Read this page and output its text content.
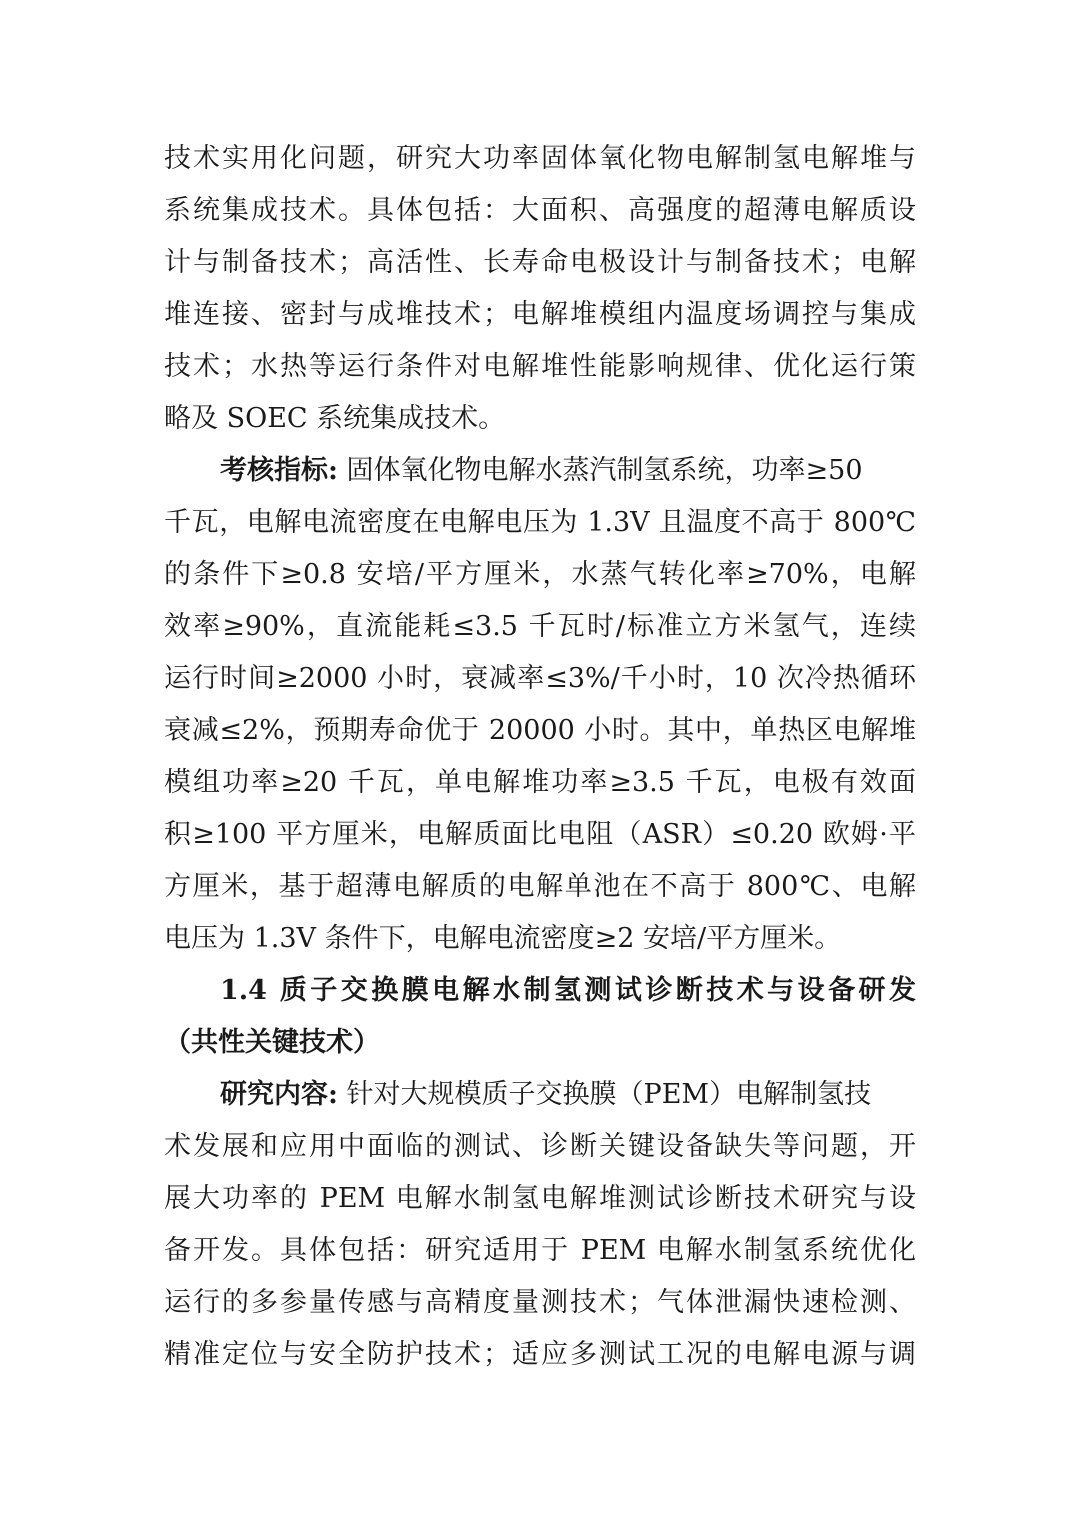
技术实用化问题，研究大功率固体氧化物电解制氢电解堆与
系统集成技术。具体包括：大面积、高强度的超薄电解质设
计与制备技术；高活性、长寿命电极设计与制备技术；电解
堆连接、密封与成堆技术；电解堆模组内温度场调控与集成
技术；水热等运行条件对电解堆性能影响规律、优化运行策
略及 SOEC 系统集成技术。
考核指标: 固体氧化物电解水蒸汽制氢系统，功率≥50
千瓦，电解电流密度在电解电压为 1.3V 且温度不高于 800℃
的条件下≥0.8 安培/平方厘米，水蒸气转化率≥70%，电解
效率≥90%，直流能耗≤3.5 千瓦时/标准立方米氢气，连续
运行时间≥2000 小时，衰减率≤3%/千小时，10 次冷热循环
衰减≤2%，预期寿命优于 20000 小时。其中，单热区电解堆
模组功率≥20 千瓦，单电解堆功率≥3.5 千瓦，电极有效面
积≥100 平方厘米，电解质面比电阻（ASR）≤0.20 欧姆·平
方厘米，基于超薄电解质的电解单池在不高于 800℃、电解
电压为 1.3V 条件下，电解电流密度≥2 安培/平方厘米。
1.4 质子交换膜电解水制氢测试诊断技术与设备研发
（共性关键技术）
研究内容: 针对大规模质子交换膜（PEM）电解制氢技
术发展和应用中面临的测试、诊断关键设备缺失等问题，开
展大功率的 PEM 电解水制氢电解堆测试诊断技术研究与设
备开发。具体包括：研究适用于 PEM 电解水制氢系统优化
运行的多参量传感与高精度量测技术；气体泄漏快速检测、
精准定位与安全防护技术；适应多测试工况的电解电源与调
